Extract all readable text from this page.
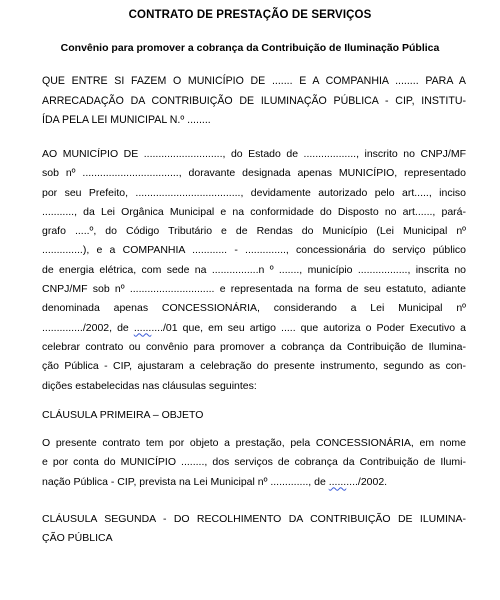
CONTRATO DE PRESTAÇÃO DE SERVIÇOS
Convênio para promover a cobrança da Contribuição de Iluminação Pública
QUE ENTRE SI FAZEM O MUNICÍPIO DE ....... E A COMPANHIA ........ PARA A
ARRECADAÇÃO DA CONTRIBUIÇÃO DE ILUMINAÇÃO PÚBLICA - CIP, INSTITU-
ÍDA PELA LEI MUNICIPAL N.º ........
AO MUNICÍPIO DE ..........................., do Estado de .................., inscrito no CNPJ/MF
sob nº ................................., doravante designada apenas MUNICÍPIO, representado
por seu Prefeito, ...................................., devidamente autorizado pelo art....., inciso
..........., da Lei Orgânica Municipal e na conformidade do Disposto no art......, pará-
grafo .....º, do Código Tributário e de Rendas do Município (Lei Municipal nº
..............), e a COMPANHIA ............ - .............., concessionária do serviço público
de energia elétrica, com sede na ................n º ......., município ................., inscrita no
CNPJ/MF sob nº ............................. e representada na forma de seu estatuto, adiante
denominada apenas CONCESSIONÁRIA, considerando a Lei Municipal nº
............../2002, de ........../01 que, em seu artigo ..... que autoriza o Poder Executivo a
celebrar contrato ou convênio para promover a cobrança da Contribuição de Ilumina-
ção Pública - CIP, ajustaram a celebração do presente instrumento, segundo as con-
dições estabelecidas nas cláusulas seguintes:
CLÁUSULA PRIMEIRA – OBJETO
O presente contrato tem por objeto a prestação, pela CONCESSIONÁRIA, em nome
e por conta do MUNICÍPIO ........, dos serviços de cobrança da Contribuição de Ilumi-
nação Pública - CIP, prevista na Lei Municipal nº ............., de ........../2002.
CLÁUSULA SEGUNDA - DO RECOLHIMENTO DA CONTRIBUIÇÃO DE ILUMINA-
ÇÃO PÚBLICA
